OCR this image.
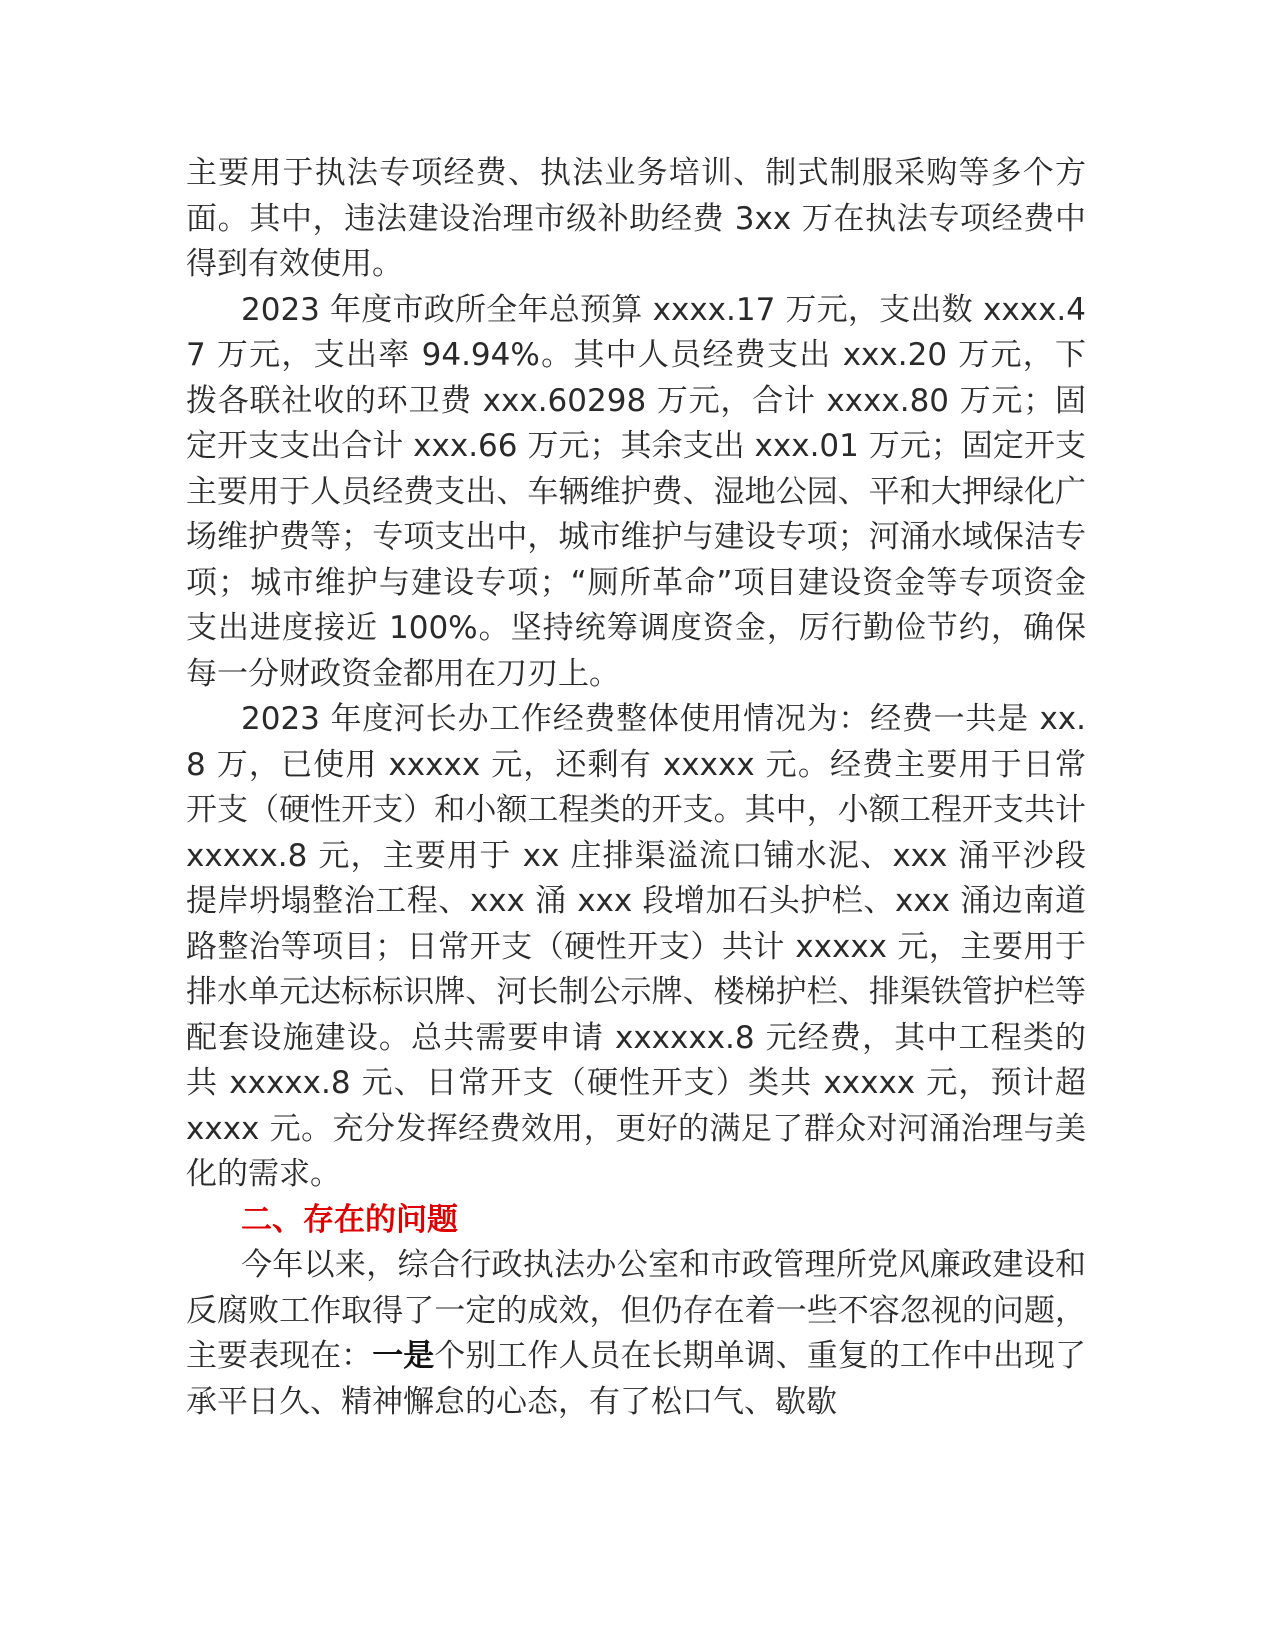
主要用于执法专项经费、执法业务培训、制式制服采购等多个方面。其中，违法建设治理市级补助经费 3xx 万在执法专项经费中得到有效使用。

2023 年度市政所全年总预算 xxxx.17 万元，支出数 xxxx.47 万元，支出率 94.94%。其中人员经费支出 xxx.20 万元，下拨各联社收的环卫费 xxx.60298 万元，合计 xxxx.80 万元；固定开支支出合计 xxx.66 万元；其余支出 xxx.01 万元；固定开支主要用于人员经费支出、车辆维护费、湿地公园、平和大押绿化广场维护费等；专项支出中，城市维护与建设专项；河涌水域保洁专项；城市维护与建设专项；“厕所革命”项目建设资金等专项资金支出进度接近 100%。坚持统筹调度资金，厉行勤俭节约，确保每一分财政资金都用在刀刃上。

2023 年度河长办工作经费整体使用情况为：经费一共是 xx.8 万，已使用 xxxxx 元，还剩有 xxxxx 元。经费主要用于日常开支（硬性开支）和小额工程类的开支。其中，小额工程开支共计 xxxxx.8 元，主要用于 xx 庄排渠溢流口铺水泥、xxx 涌平沙段提岸坍塌整治工程、xxx 涌 xxx 段增加石头护栏、xxx 涌边南道路整治等项目；日常开支（硬性开支）共计 xxxxx 元，主要用于排水单元达标标识牌、河长制公示牌、楼梯护栏、排渠铁管护栏等配套设施建设。总共需要申请 xxxxxx.8 元经费，其中工程类的共 xxxxx.8 元、日常开支（硬性开支）类共 xxxxx 元，预计超 xxxx 元。充分发挥经费效用，更好的满足了群众对河涌治理与美化的需求。

二、存在的问题

今年以来，综合行政执法办公室和市政管理所党风廉政建设和反腐败工作取得了一定的成效，但仍存在着一些不容忽视的问题，主要表现在：一是个别工作人员在长期单调、重复的工作中出现了承平日久、精神懈怠的心态，有了松口气、歇歇
